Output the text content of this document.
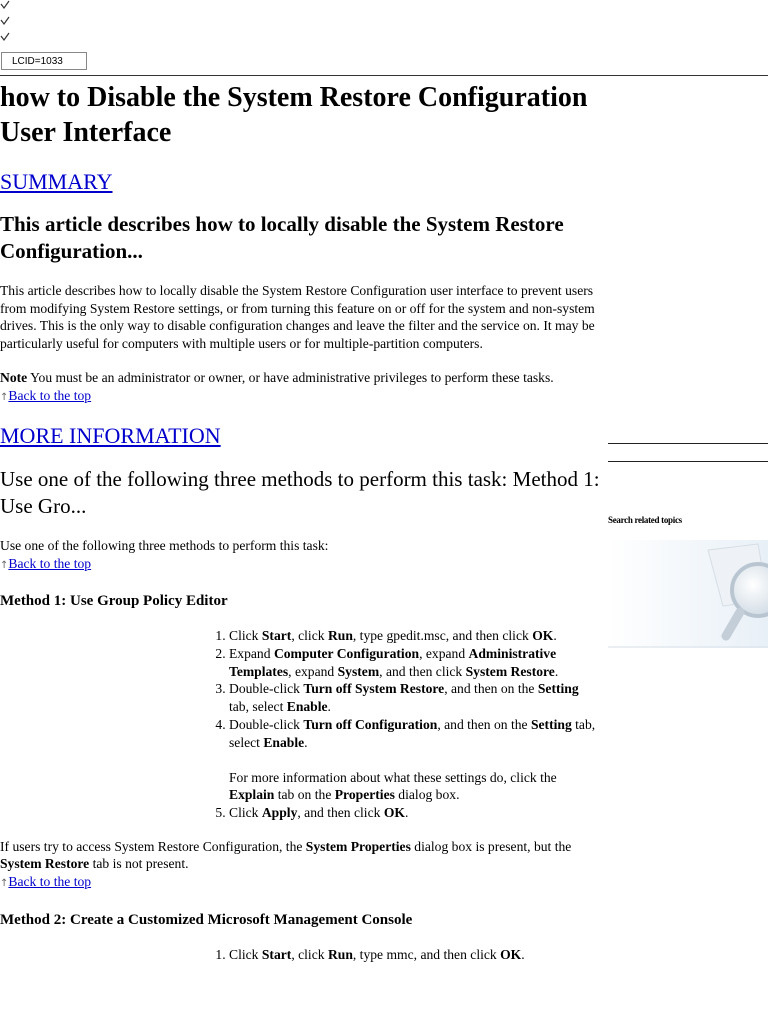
LCID=1033
how to Disable the System Restore Configuration User Interface
SUMMARY
This article describes how to locally disable the System Restore Configuration...

This article describes how to locally disable the System Restore Configuration user interface to prevent users from modifying System Restore settings, or from turning this feature on or off for the system and non-system drives. This is the only way to disable configuration changes and leave the filter and the service on. It may be particularly useful for computers with multiple users or for multiple-partition computers.

Note You must be an administrator or owner, or have administrative privileges to perform these tasks.

↑Back to the top
MORE INFORMATION
Use one of the following three methods to perform this task: Method 1: Use Gro...

Use one of the following three methods to perform this task:

↑Back to the top
Method 1: Use Group Policy Editor
1. Click Start, click Run, type gpedit.msc, and then click OK.
2. Expand Computer Configuration, expand Administrative Templates, expand System, and then click System Restore.
3. Double-click Turn off System Restore, and then on the Setting tab, select Enable.
4. Double-click Turn off Configuration, and then on the Setting tab, select Enable.
For more information about what these settings do, click the Explain tab on the Properties dialog box.
5. Click Apply, and then click OK.

If users try to access System Restore Configuration, the System Properties dialog box is present, but the System Restore tab is not present.

↑Back to the top
Method 2: Create a Customized Microsoft Management Console
1. Click Start, click Run, type mmc, and then click OK.
Search related topics
